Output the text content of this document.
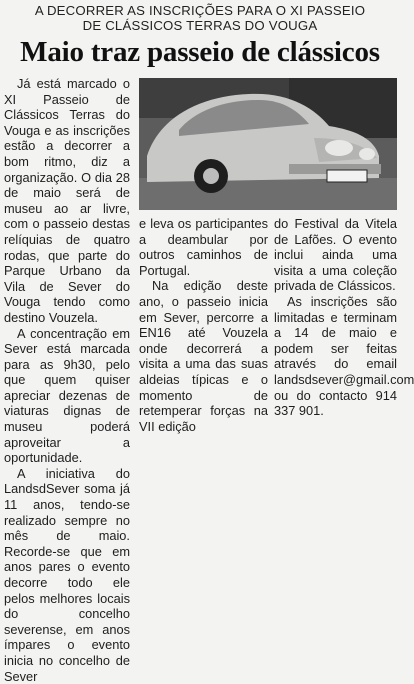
A DECORRER AS INSCRIÇÕES PARA O XI PASSEIO
DE CLÁSSICOS TERRAS DO VOUGA
Maio traz passeio de clássicos

Já está marcado o XI Passeio de Clássicos Terras do Vouga e as inscrições estão a decorrer a bom ritmo, diz a organização. O dia 28 de maio será de museu ao ar livre, com o passeio destas relíquias de quatro rodas, que parte do Parque Urbano da Vila de Sever do Vouga tendo como destino Vouzela.

A concentração em Sever está marcada para as 9h30, pelo que quem quiser apreciar dezenas de viaturas dignas de museu poderá aproveitar a oportunidade.

A iniciativa do LandsdSever soma já 11 anos, tendo-se realizado sempre no mês de maio. Recorde-se que em anos pares o evento decorre todo ele pelos melhores locais do concelho severense, em anos ímpares o evento inicia no concelho de Sever

e leva os participantes a deambular por outros caminhos de Portugal.

Na edição deste ano, o passeio inicia em Sever, percorre a EN16 até Vouzela onde decorrerá a visita a uma das suas aldeias típicas e o momento de retemperar forças na VII edição

do Festival da Vitela de Lafões. O evento inclui ainda uma visita a uma coleção privada de Clássicos.

As inscrições são limitadas e terminam a 14 de maio e podem ser feitas através do email landsdsever@gmail.com ou do contacto 914 337 901.
